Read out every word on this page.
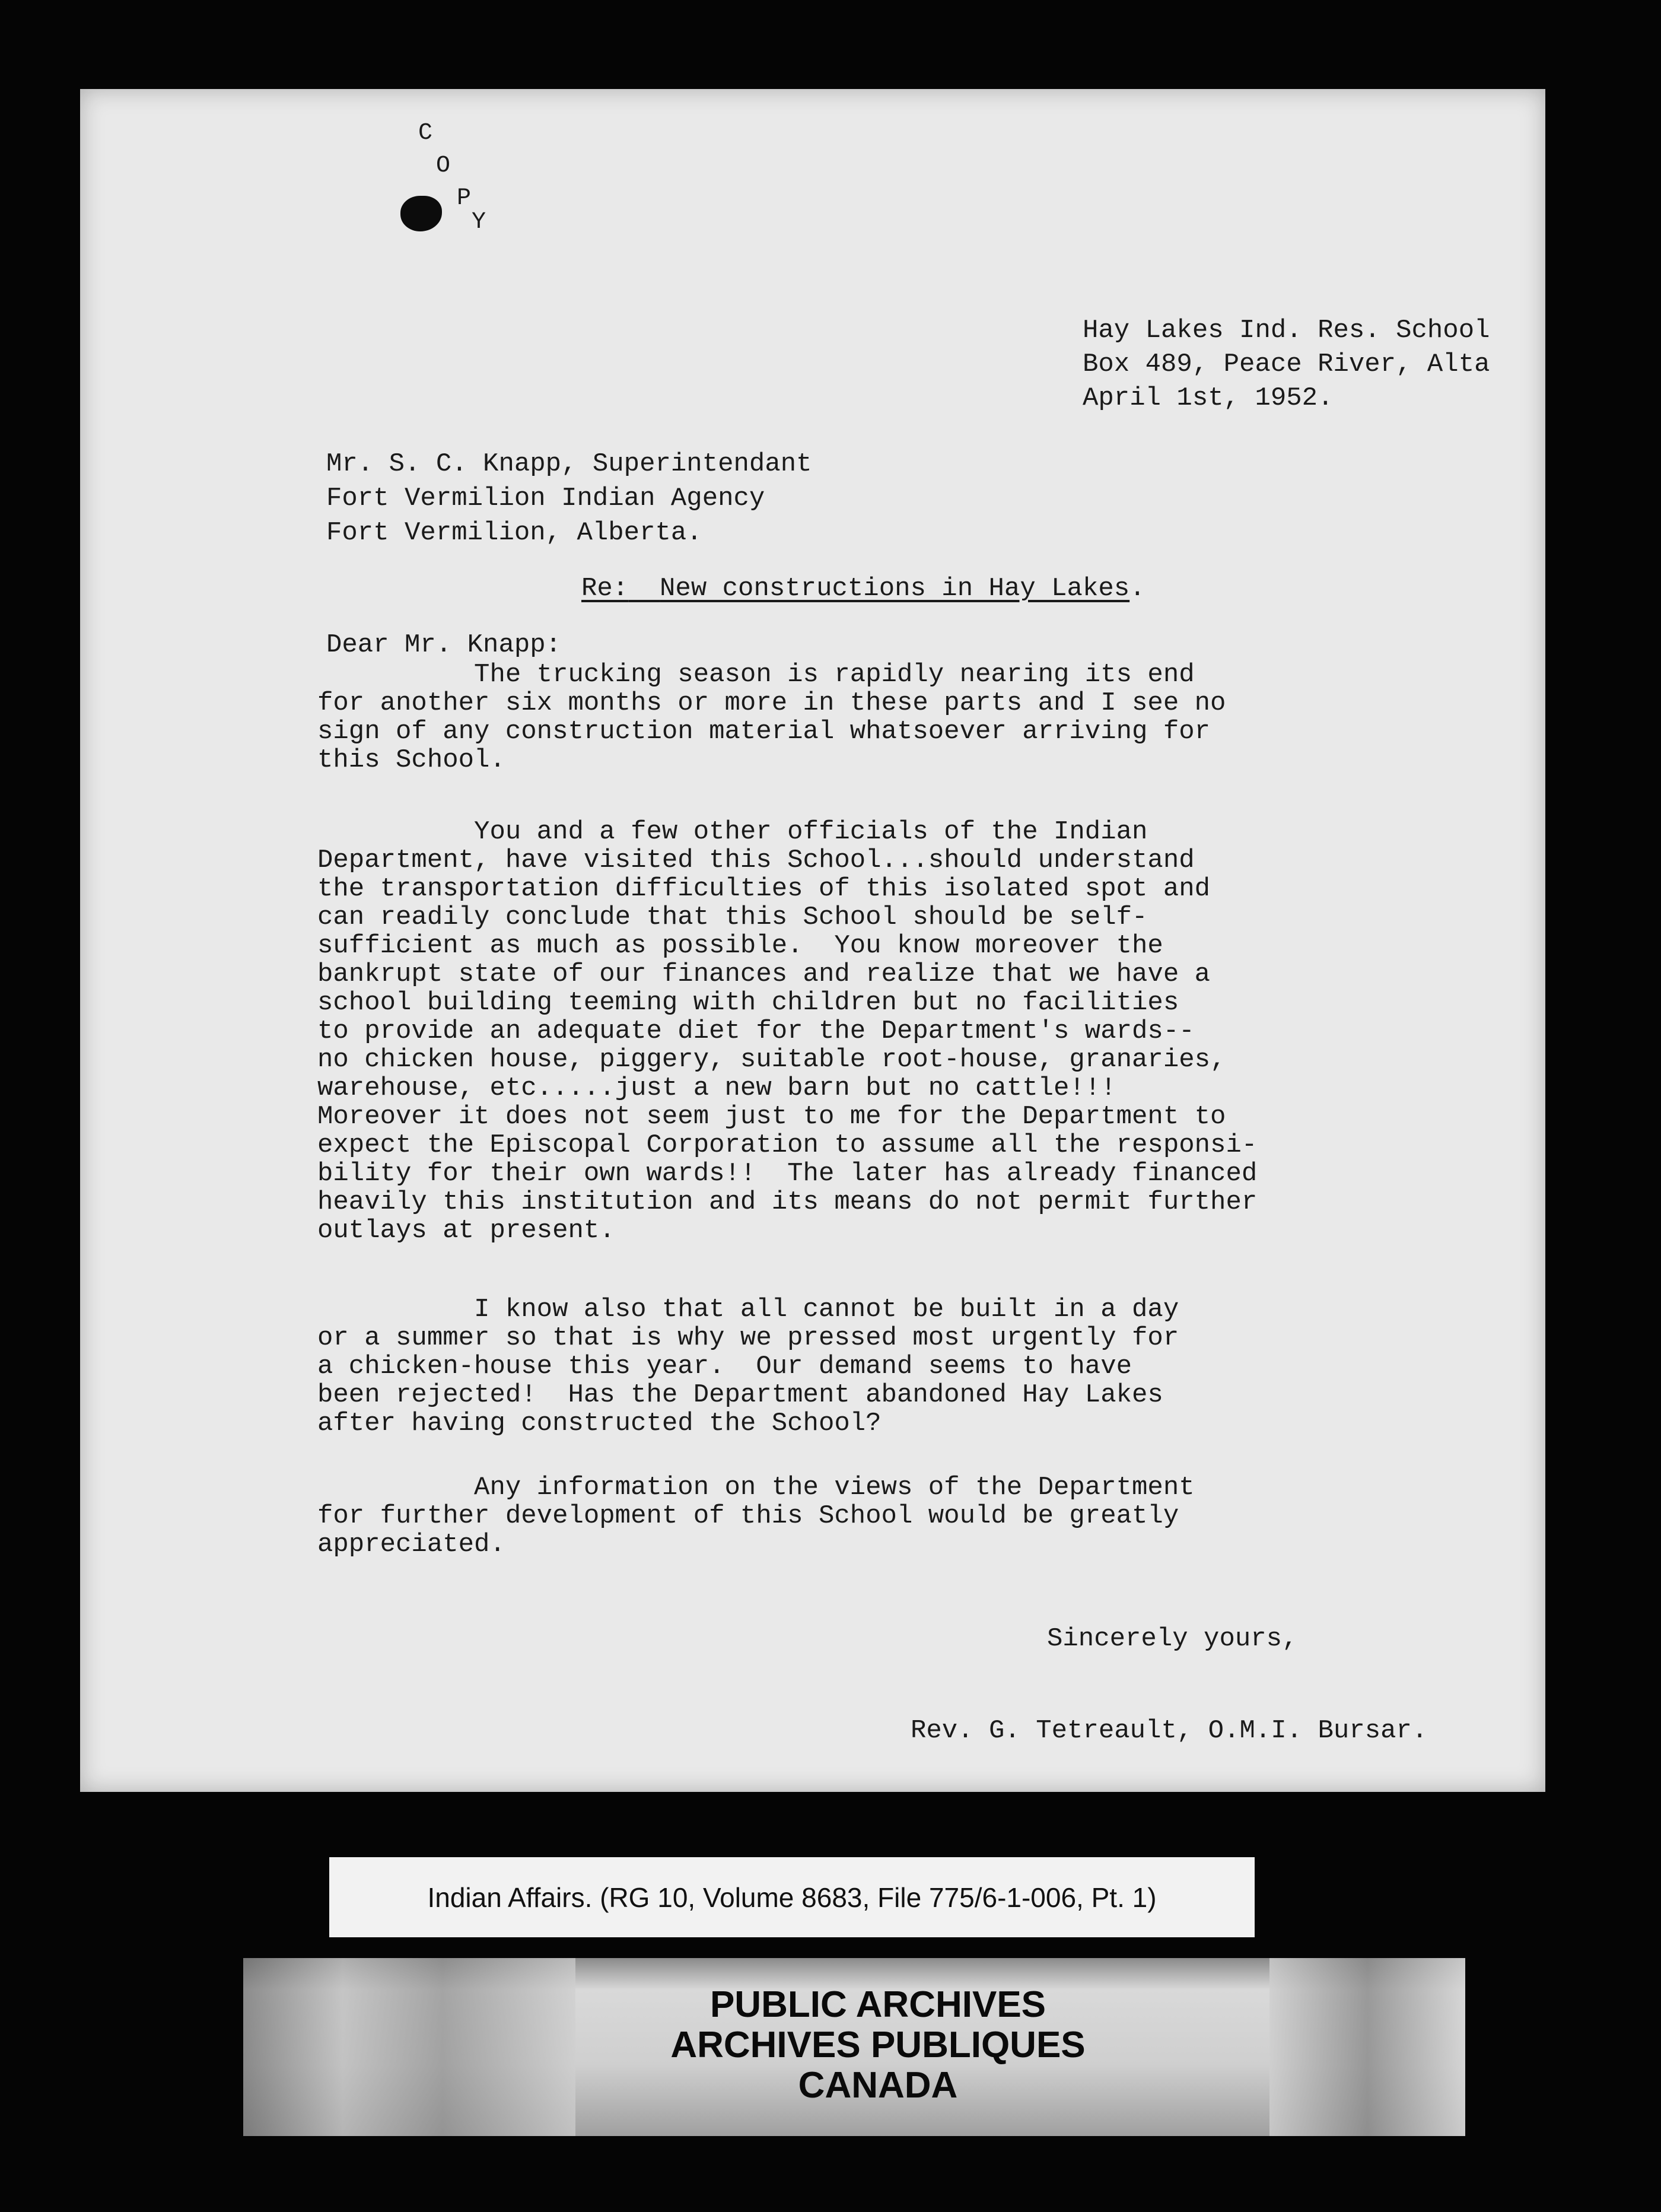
C
O
P
Y
Hay Lakes Ind. Res. School
Box 489, Peace River, Alta
April 1st, 1952.
Mr. S. C. Knapp, Superintendant
Fort Vermilion Indian Agency
Fort Vermilion, Alberta.
Re: New constructions in Hay Lakes.
Dear Mr. Knapp:
The trucking season is rapidly nearing its end
for another six months or more in these parts and I see no
sign of any construction material whatsoever arriving for
this School.
You and a few other officials of the Indian
Department, have visited this School...should understand
the transportation difficulties of this isolated spot and
can readily conclude that this School should be self-
sufficient as much as possible.  You know moreover the
bankrupt state of our finances and realize that we have a
school building teeming with children but no facilities
to provide an adequate diet for the Department's wards--
no chicken house, piggery, suitable root-house, granaries,
warehouse, etc.....just a new barn but no cattle!!!
Moreover it does not seem just to me for the Department to
expect the Episcopal Corporation to assume all the responsi-
bility for their own wards!!  The later has already financed
heavily this institution and its means do not permit further
outlays at present.
I know also that all cannot be built in a day
or a summer so that is why we pressed most urgently for
a chicken-house this year.  Our demand seems to have
been rejected!  Has the Department abandoned Hay Lakes
after having constructed the School?
Any information on the views of the Department
for further development of this School would be greatly
appreciated.
Sincerely yours,
Rev. G. Tetreault, O.M.I. Bursar.
Indian Affairs. (RG 10, Volume 8683, File 775/6-1-006, Pt. 1)
PUBLIC ARCHIVES
ARCHIVES PUBLIQUES
CANADA
